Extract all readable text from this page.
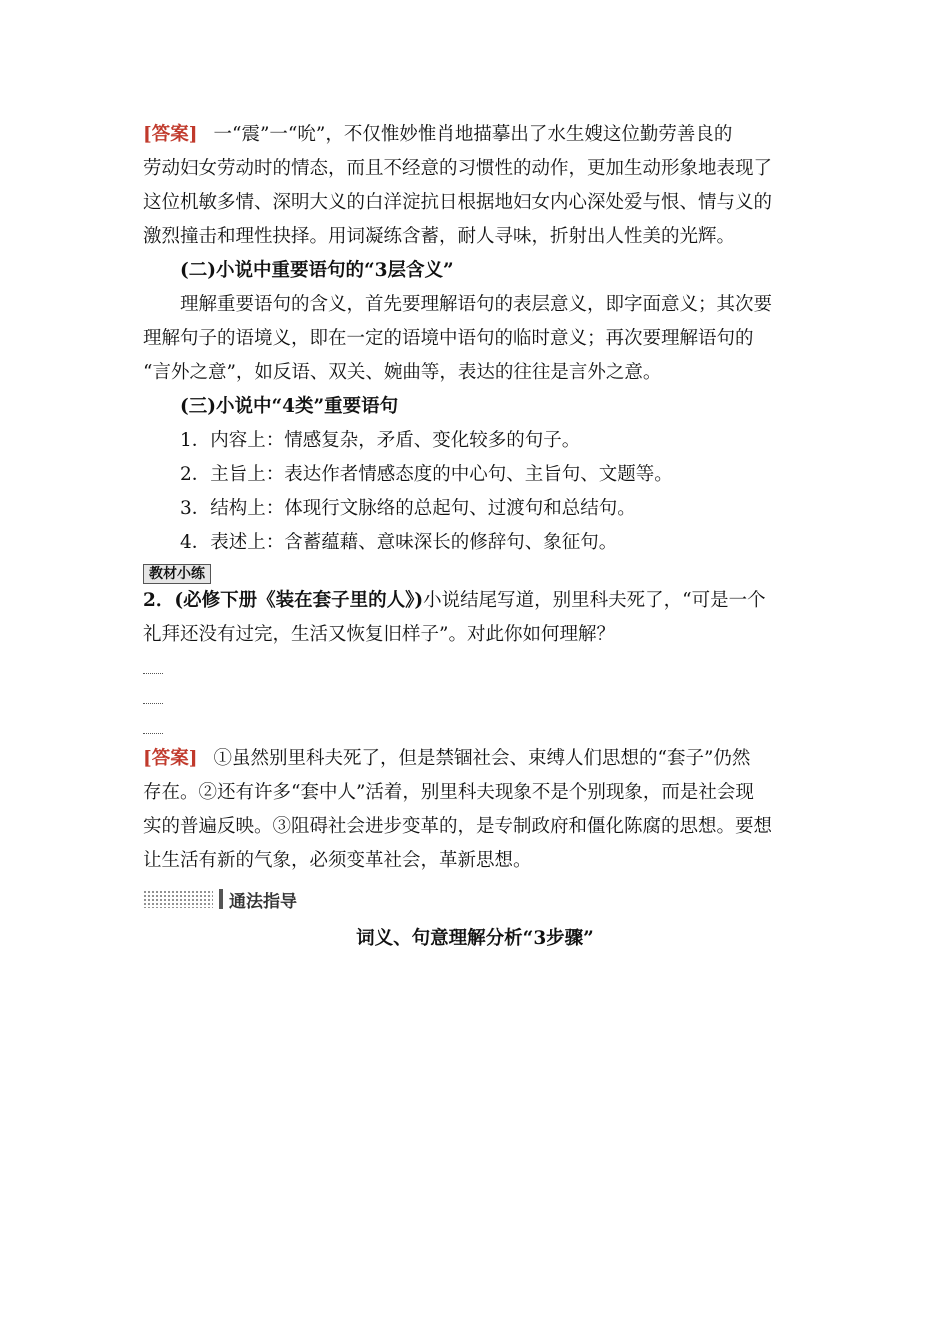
[答案] 一“震”一“吮”，不仅惟妙惟肖地描摹出了水生嫂这位勤劳善良的
劳动妇女劳动时的情态，而且不经意的习惯性的动作，更加生动形象地表现了
这位机敏多情、深明大义的白洋淀抗日根据地妇女内心深处爱与恨、情与义的
激烈撞击和理性抉择。用词凝练含蓄，耐人寻味，折射出人性美的光辉。
(二)小说中重要语句的“3层含义”
理解重要语句的含义，首先要理解语句的表层意义，即字面意义；其次要
理解句子的语境义，即在一定的语境中语句的临时意义；再次要理解语句的
“言外之意”，如反语、双关、婉曲等，表达的往往是言外之意。
(三)小说中“4类”重要语句
1．内容上：情感复杂，矛盾、变化较多的句子。
2．主旨上：表达作者情感态度的中心句、主旨句、文题等。
3．结构上：体现行文脉络的总起句、过渡句和总结句。
4．表述上：含蓄蕴藉、意味深长的修辞句、象征句。
教材小练
2．(必修下册《装在套子里的人》)小说结尾写道，别里科夫死了，“可是一个
礼拜还没有过完，生活又恢复旧样子”。对此你如何理解？
[答案] ①虽然别里科夫死了，但是禁锢社会、束缚人们思想的“套子”仍然
存在。②还有许多“套中人”活着，别里科夫现象不是个别现象，而是社会现
实的普遍反映。③阻碍社会进步变革的，是专制政府和僵化陈腐的思想。要想
让生活有新的气象，必须变革社会，革新思想。
通法指导
词义、句意理解分析“3步骤”
